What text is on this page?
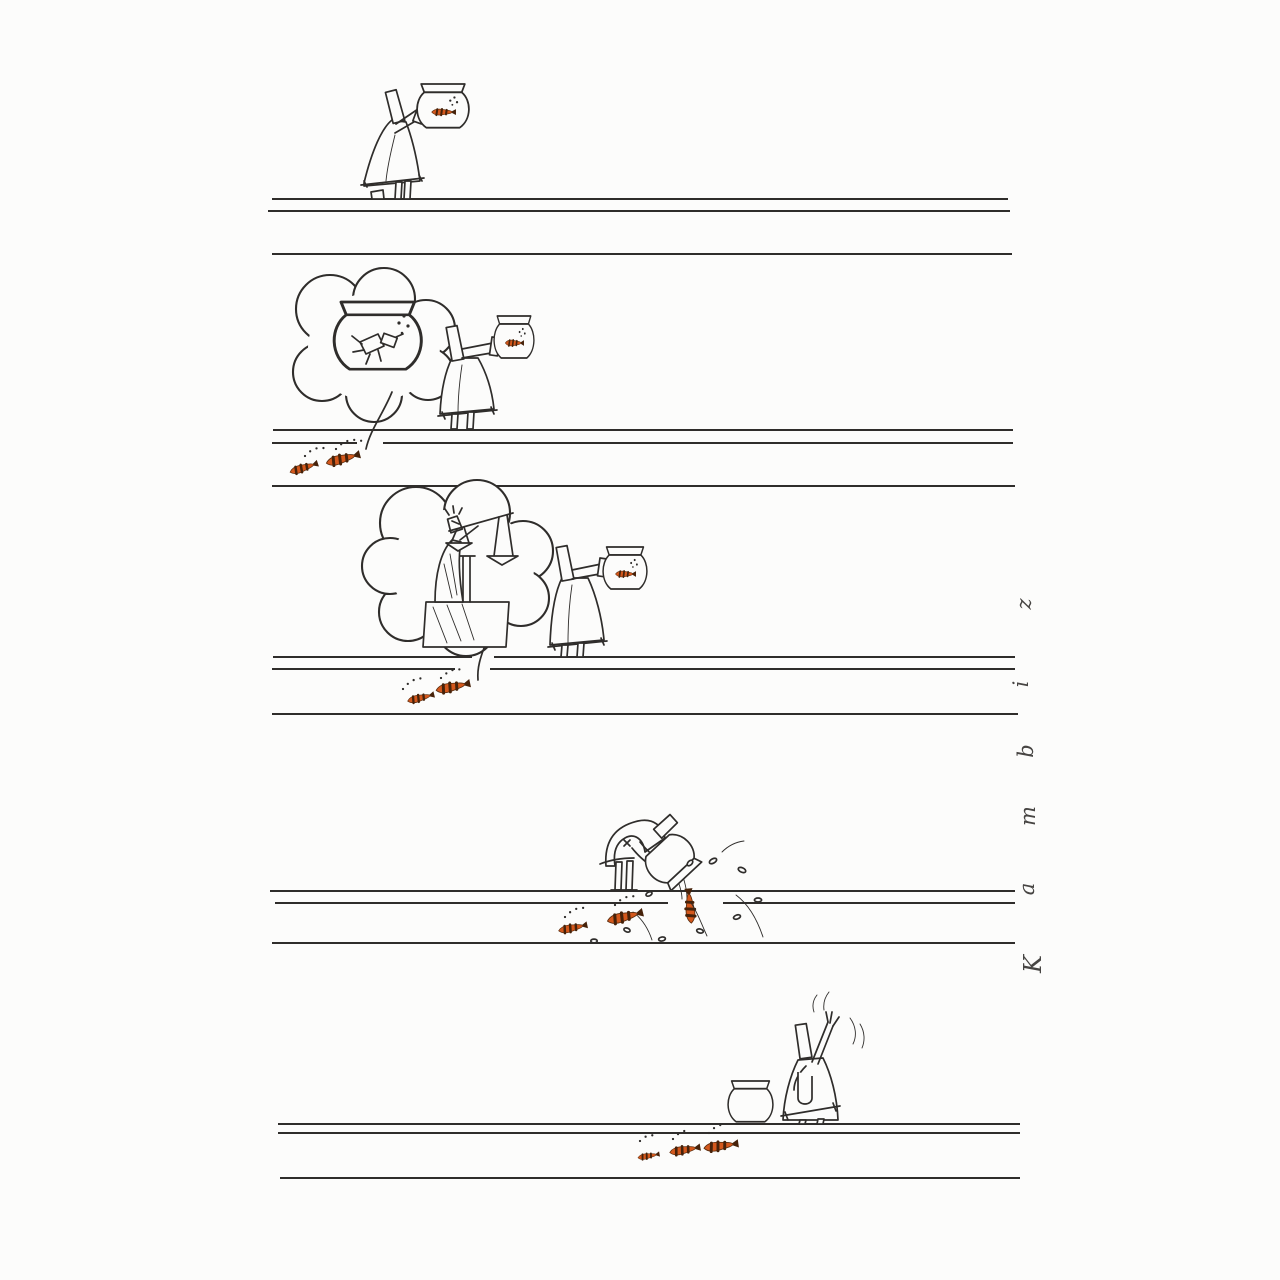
z
i
b
m
a
K
